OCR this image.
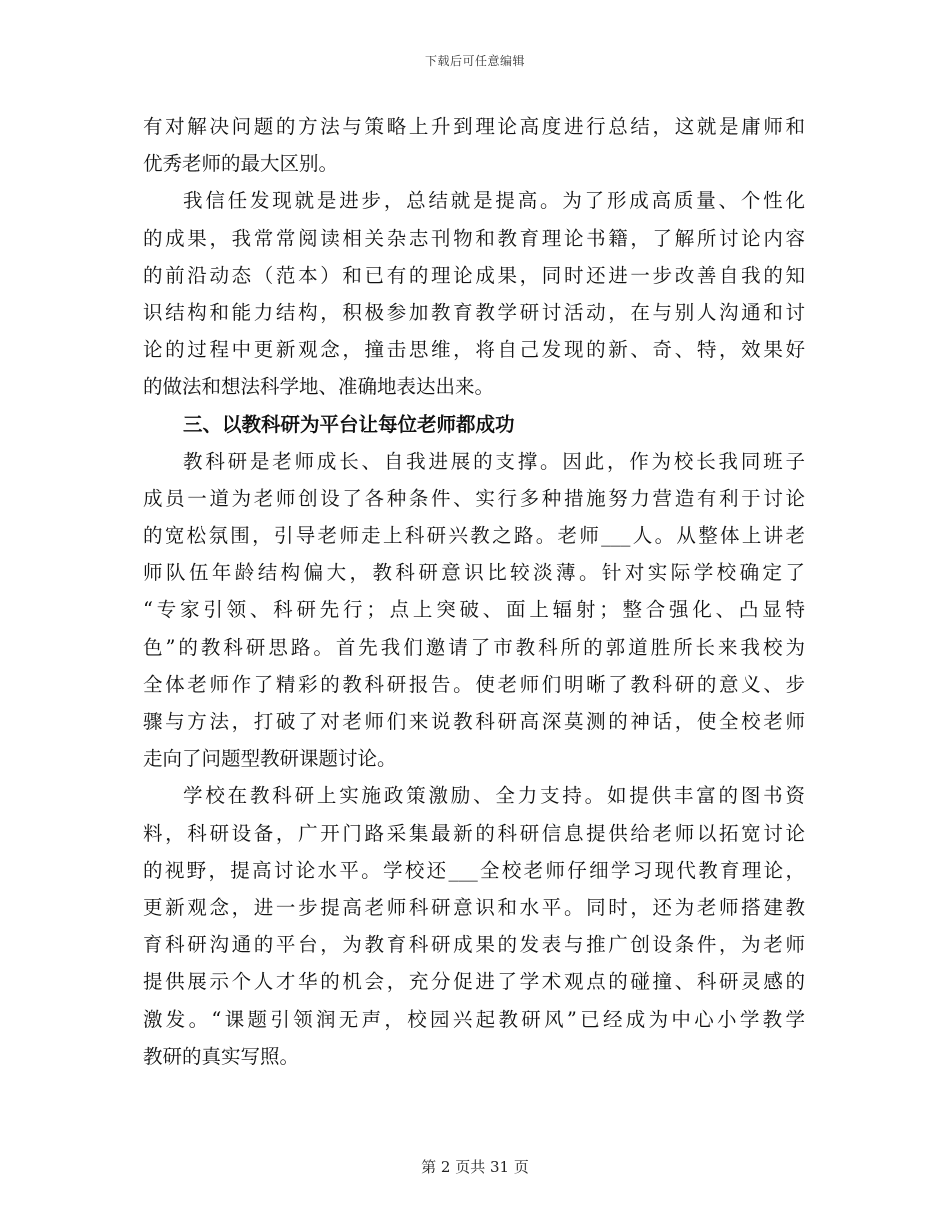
下载后可任意编辑
有对解决问题的方法与策略上升到理论高度进行总结，这就是庸师和
优秀老师的最大区别。
我信任发现就是进步，总结就是提高。为了形成高质量、个性化
的成果，我常常阅读相关杂志刊物和教育理论书籍，了解所讨论内容
的前沿动态（范本）和已有的理论成果，同时还进一步改善自我的知
识结构和能力结构，积极参加教育教学研讨活动，在与别人沟通和讨
论的过程中更新观念，撞击思维，将自己发现的新、奇、特，效果好
的做法和想法科学地、准确地表达出来。
三、以教科研为平台让每位老师都成功
教科研是老师成长、自我进展的支撑。因此，作为校长我同班子
成员一道为老师创设了各种条件、实行多种措施努力营造有利于讨论
的宽松氛围，引导老师走上科研兴教之路。老师___人。从整体上讲老
师队伍年龄结构偏大，教科研意识比较淡薄。针对实际学校确定了
“专家引领、科研先行；点上突破、面上辐射；整合强化、凸显特
色”的教科研思路。首先我们邀请了市教科所的郭道胜所长来我校为
全体老师作了精彩的教科研报告。使老师们明晰了教科研的意义、步
骤与方法，打破了对老师们来说教科研高深莫测的神话，使全校老师
走向了问题型教研课题讨论。
学校在教科研上实施政策激励、全力支持。如提供丰富的图书资
料，科研设备，广开门路采集最新的科研信息提供给老师以拓宽讨论
的视野，提高讨论水平。学校还___全校老师仔细学习现代教育理论，
更新观念，进一步提高老师科研意识和水平。同时，还为老师搭建教
育科研沟通的平台，为教育科研成果的发表与推广创设条件，为老师
提供展示个人才华的机会，充分促进了学术观点的碰撞、科研灵感的
激发。“课题引领润无声，校园兴起教研风”已经成为中心小学教学
教研的真实写照。
第 2 页共 31 页
